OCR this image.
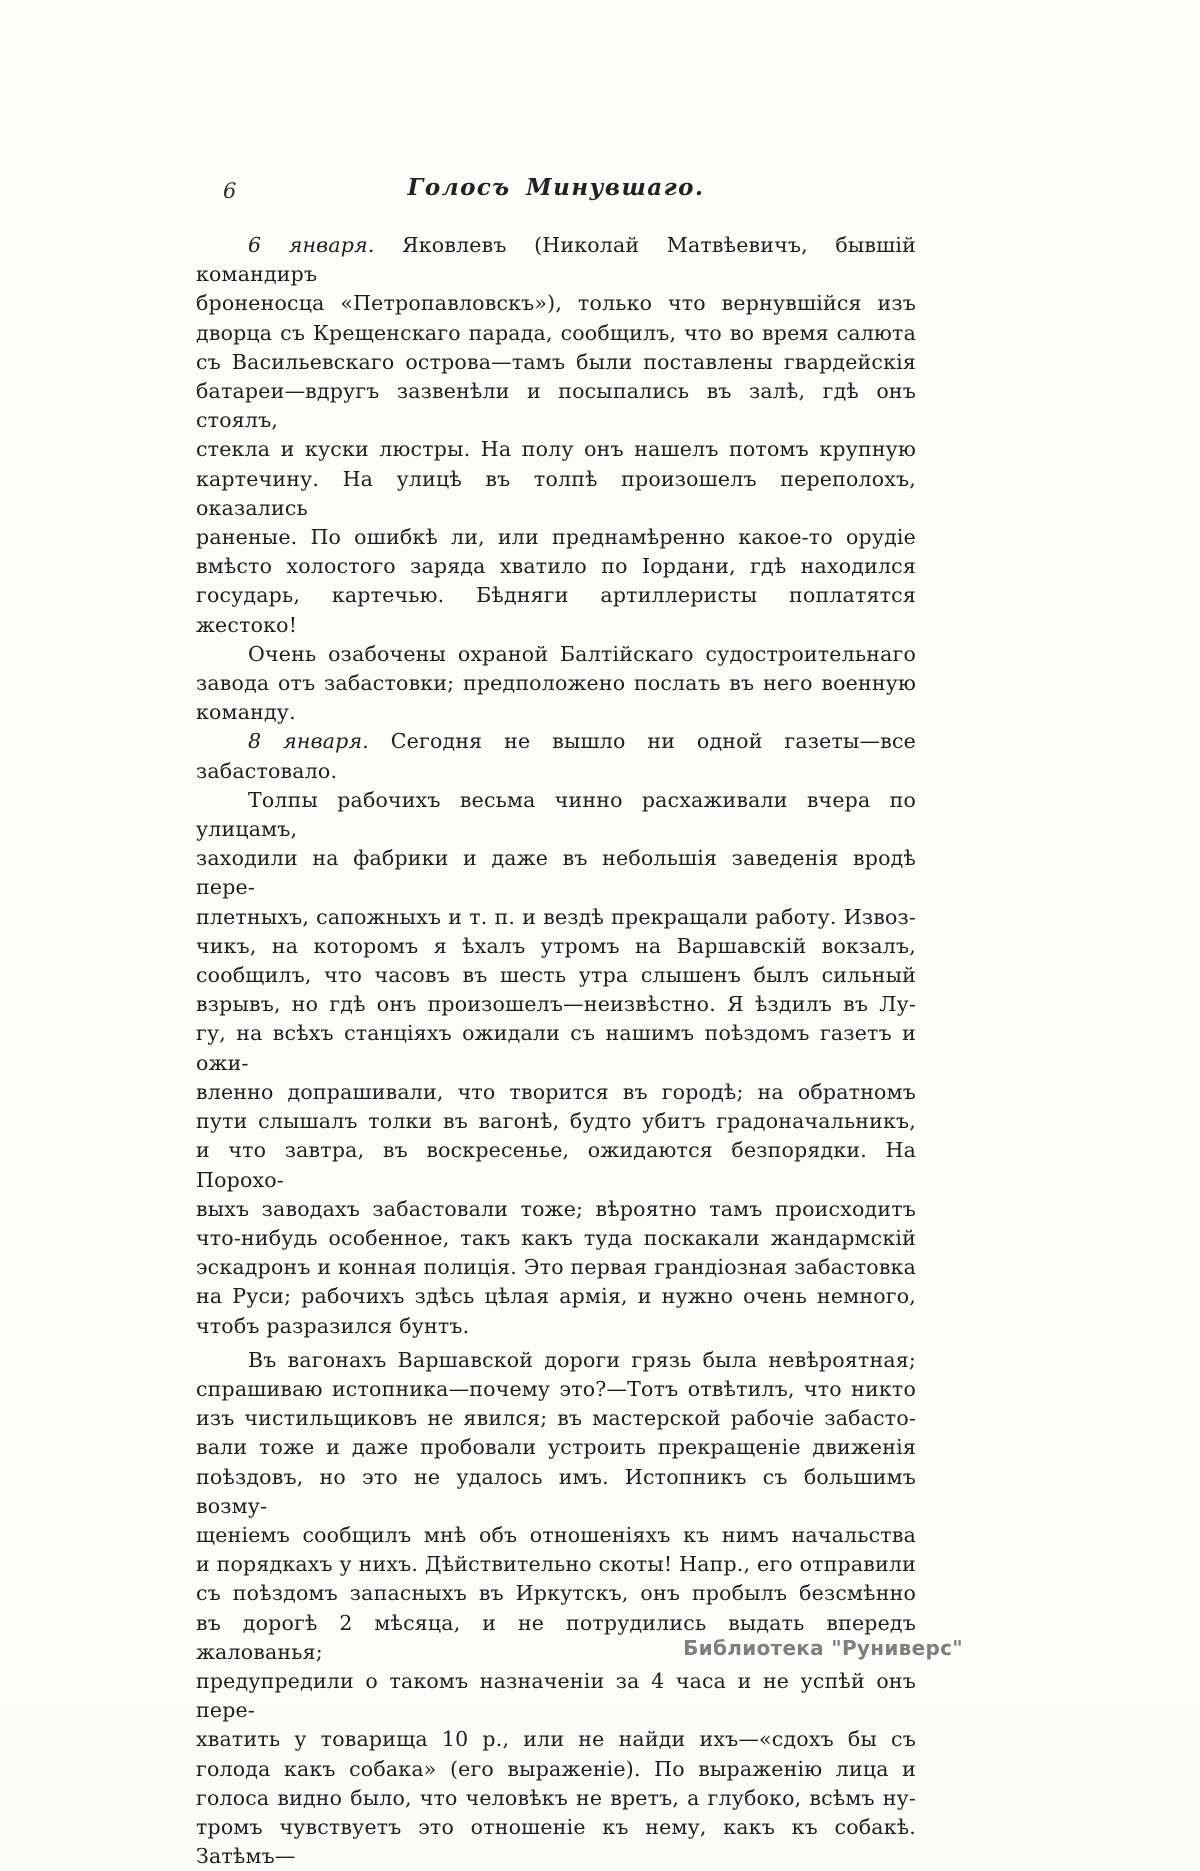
6	Голосъ Минувшаго.
6 января. Яковлевъ (Николай Матвѣевичъ, бывшій командиръ
броненосца «Петропавловскъ»), только что вернувшійся изъ
дворца съ Крещенскаго парада, сообщилъ, что во время салюта
съ Васильевскаго острова—тамъ были поставлены гвардейскія
батареи—вдругъ зазвенѣли и посыпались въ залѣ, гдѣ онъ стоялъ,
стекла и куски люстры. На полу онъ нашелъ потомъ крупную
картечину. На улицѣ въ толпѣ произошелъ переполохъ, оказались
раненые. По ошибкѣ ли, или преднамѣренно какое-то орудіе
вмѣсто холостого заряда хватило по Іордани, гдѣ находился
государь, картечью. Бѣдняги артиллеристы поплатятся жестоко!
Очень озабочены охраной Балтійскаго судостроительнаго
завода отъ забастовки; предположено послать въ него военную
команду.
8 января. Сегодня не вышло ни одной газеты—все забастовало.
Толпы рабочихъ весьма чинно расхаживали вчера по улицамъ,
заходили на фабрики и даже въ небольшія заведенія вродѣ пере-
плетныхъ, сапожныхъ и т. п. и вездѣ прекращали работу. Извоз-
чикъ, на которомъ я ѣхалъ утромъ на Варшавскій вокзалъ,
сообщилъ, что часовъ въ шесть утра слышенъ былъ сильный
взрывъ, но гдѣ онъ произошелъ—неизвѣстно. Я ѣздилъ въ Лу-
гу, на всѣхъ станціяхъ ожидали съ нашимъ поѣздомъ газетъ и ожи-
вленно допрашивали, что творится въ городѣ; на обратномъ
пути слышалъ толки въ вагонѣ, будто убитъ градоначальникъ,
и что завтра, въ воскресенье, ожидаются безпорядки. На Порохо-
выхъ заводахъ забастовали тоже; вѣроятно тамъ происходитъ
что-нибудь особенное, такъ какъ туда поскакали жандармскій
эскадронъ и конная полиція. Это первая грандіозная забастовка
на Руси; рабочихъ здѣсь цѣлая армія, и нужно очень немного,
чтобъ разразился бунтъ.
Въ вагонахъ Варшавской дороги грязь была невѣроятная;
спрашиваю истопника—почему это?—Тотъ отвѣтилъ, что никто
изъ чистильщиковъ не явился; въ мастерской рабочіе забасто-
вали тоже и даже пробовали устроить прекращеніе движенія
поѣздовъ, но это не удалось имъ. Истопникъ съ большимъ возму-
щеніемъ сообщилъ мнѣ объ отношеніяхъ къ нимъ начальства
и порядкахъ у нихъ. Дѣйствительно скоты! Напр., его отправили
съ поѣздомъ запасныхъ въ Иркутскъ, онъ пробылъ безсмѣнно
въ дорогѣ 2 мѣсяца, и не потрудились выдать впередъ жалованья;
предупредили о такомъ назначеніи за 4 часа и не успѣй онъ пере-
хватить у товарища 10 р., или не найди ихъ—«сдохъ бы съ
голода какъ собака» (его выраженіе). По выраженію лица и
голоса видно было, что человѣкъ не вретъ, а глубоко, всѣмъ ну-
тромъ чувствуетъ это отношеніе къ нему, какъ къ собакѣ. Затѣмъ—
Библиотека "Руниверс"
